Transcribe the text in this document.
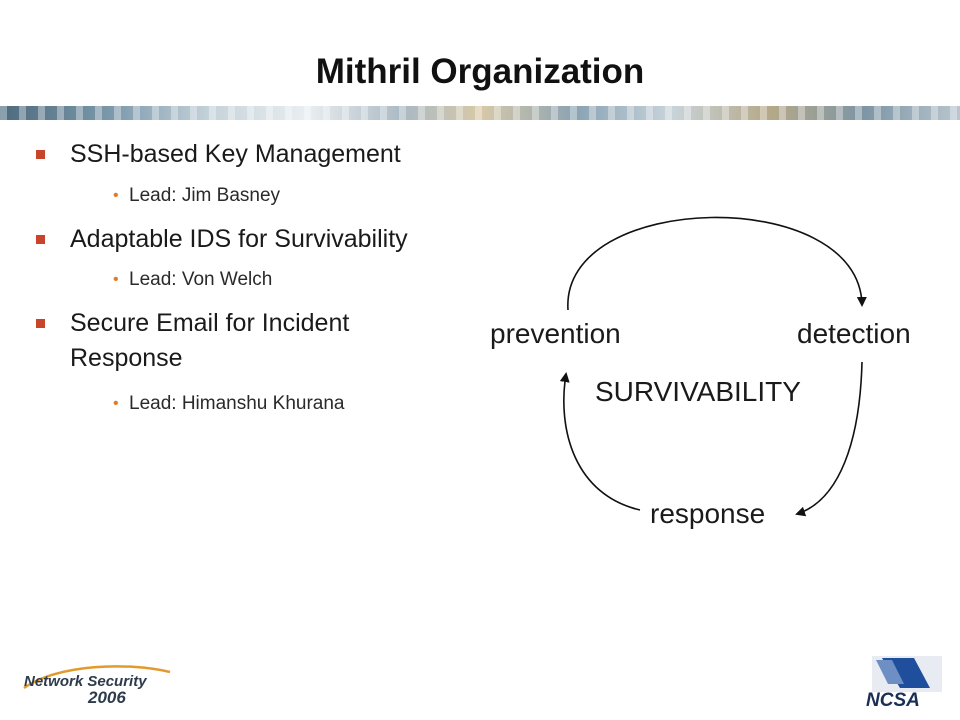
Mithril Organization
SSH-based Key Management
• Lead: Jim Basney
Adaptable IDS for Survivability
• Lead: Von Welch
Secure Email for Incident
Response
• Lead: Himanshu Khurana
prevention	detection
SURVIVABILITY
response
Network Security
2006	NCSA
